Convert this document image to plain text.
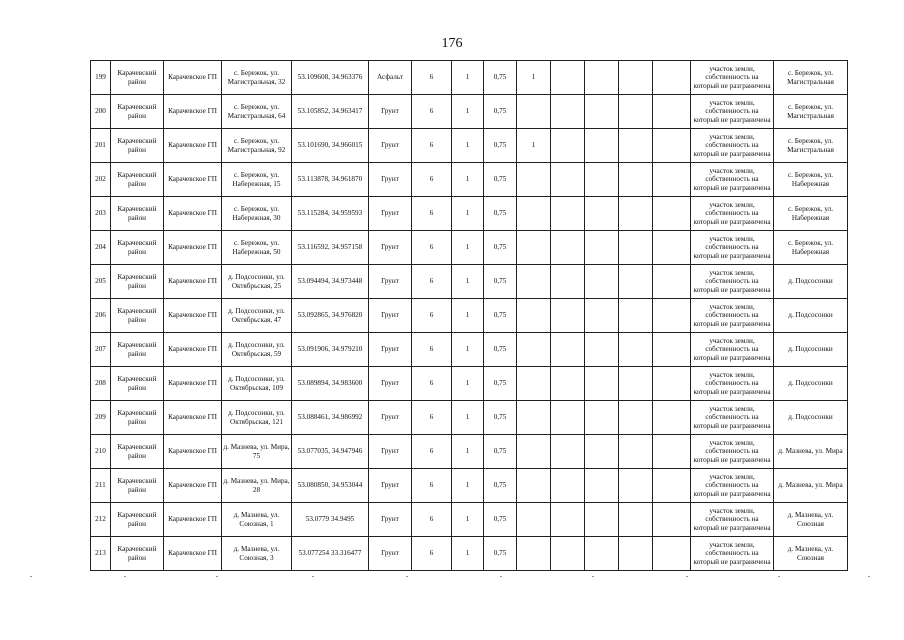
176
199	Карачевский район	Карачевское ГП	с. Бережок, ул. Магистральная, 32	53.109608, 34.963376	Асфальт	6	1	0,75	1					участок земли, собственность на который не разграничена	с. Бережок, ул. Магистральная
200	Карачевский район	Карачевское ГП	с. Бережок, ул. Магистральная, 64	53.105852, 34.963417	Грунт	6	1	0,75						участок земли, собственность на который не разграничена	с. Бережок, ул. Магистральная
201	Карачевский район	Карачевское ГП	с. Бережок, ул. Магистральная, 92	53.101690, 34.966015	Грунт	6	1	0,75	1					участок земли, собственность на который не разграничена	с. Бережок, ул. Магистральная
202	Карачевский район	Карачевское ГП	с. Бережок, ул. Набережная, 15	53.113878, 34.961870	Грунт	6	1	0,75						участок земли, собственность на который не разграничена	с. Бережок, ул. Набережная
203	Карачевский район	Карачевское ГП	с. Бережок, ул. Набережная, 30	53.115284, 34.959593	Грунт	6	1	0,75						участок земли, собственность на который не разграничена	с. Бережок, ул. Набережная
204	Карачевский район	Карачевское ГП	с. Бережок, ул. Набережная, 50	53.116592, 34.957158	Грунт	6	1	0,75						участок земли, собственность на который не разграничена	с. Бережок, ул. Набережная
205	Карачевский район	Карачевское ГП	д. Подсосонки, ул. Октябрьская, 25	53.094494, 34.973448	Грунт	6	1	0,75						участок земли, собственность на который не разграничена	д. Подсосонки
206	Карачевский район	Карачевское ГП	д. Подсосонки, ул. Октябрьская, 47	53.092865, 34.976820	Грунт	6	1	0,75						участок земли, собственность на который не разграничена	д. Подсосонки
207	Карачевский район	Карачевское ГП	д. Подсосонки, ул. Октябрьская, 59	53.091906, 34.979210	Грунт	6	1	0,75						участок земли, собственность на который не разграничена	д. Подсосонки
208	Карачевский район	Карачевское ГП	д. Подсосонки, ул. Октябрьская, 109	53.089894, 34.983600	Грунт	6	1	0,75						участок земли, собственность на который не разграничена	д. Подсосонки
209	Карачевский район	Карачевское ГП	д. Подсосонки, ул. Октябрьская, 121	53.088461, 34.986992	Грунт	6	1	0,75						участок земли, собственность на который не разграничена	д. Подсосонки
210	Карачевский район	Карачевское ГП	д. Мазнева, ул. Мира, 75	53.077035, 34.947946	Грунт	6	1	0,75						участок земли, собственность на который не разграничена	д. Мазнева, ул. Мира
211	Карачевский район	Карачевское ГП	д. Мазнева, ул. Мира, 28	53.080850, 34.953044	Грунт	6	1	0,75						участок земли, собственность на который не разграничена	д. Мазнева, ул. Мира
212	Карачевский район	Карачевское ГП	д. Мазнева, ул. Союзная, 1	53.0779 34.9495	Грунт	6	1	0,75						участок земли, собственность на который не разграничена	д. Мазнева, ул. Союзная
213	Карачевский район	Карачевское ГП	д. Мазнева, ул. Союзная, 3	53.077254 33.316477	Грунт	6	1	0,75						участок земли, собственность на который не разграничена	д. Мазнева, ул. Союзная
